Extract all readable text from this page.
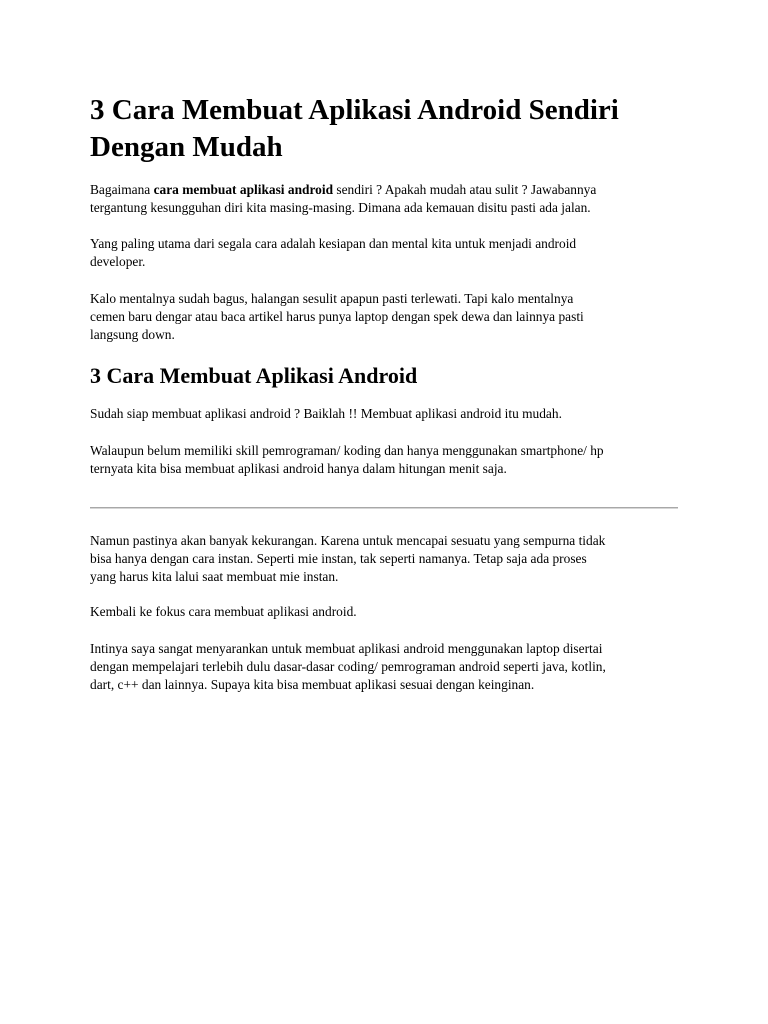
3 Cara Membuat Aplikasi Android Sendiri
Dengan Mudah

Bagaimana cara membuat aplikasi android sendiri ? Apakah mudah atau sulit ? Jawabannya
tergantung kesungguhan diri kita masing-masing. Dimana ada kemauan disitu pasti ada jalan.

Yang paling utama dari segala cara adalah kesiapan dan mental kita untuk menjadi android
developer.

Kalo mentalnya sudah bagus, halangan sesulit apapun pasti terlewati. Tapi kalo mentalnya
cemen baru dengar atau baca artikel harus punya laptop dengan spek dewa dan lainnya pasti
langsung down.

3 Cara Membuat Aplikasi Android

Sudah siap membuat aplikasi android ? Baiklah !! Membuat aplikasi android itu mudah.

Walaupun belum memiliki skill pemrograman/ koding dan hanya menggunakan smartphone/ hp
ternyata kita bisa membuat aplikasi android hanya dalam hitungan menit saja.

Namun pastinya akan banyak kekurangan. Karena untuk mencapai sesuatu yang sempurna tidak
bisa hanya dengan cara instan. Seperti mie instan, tak seperti namanya. Tetap saja ada proses
yang harus kita lalui saat membuat mie instan.

Kembali ke fokus cara membuat aplikasi android.

Intinya saya sangat menyarankan untuk membuat aplikasi android menggunakan laptop disertai
dengan mempelajari terlebih dulu dasar-dasar coding/ pemrograman android seperti java, kotlin,
dart, c++ dan lainnya. Supaya kita bisa membuat aplikasi sesuai dengan keinginan.
